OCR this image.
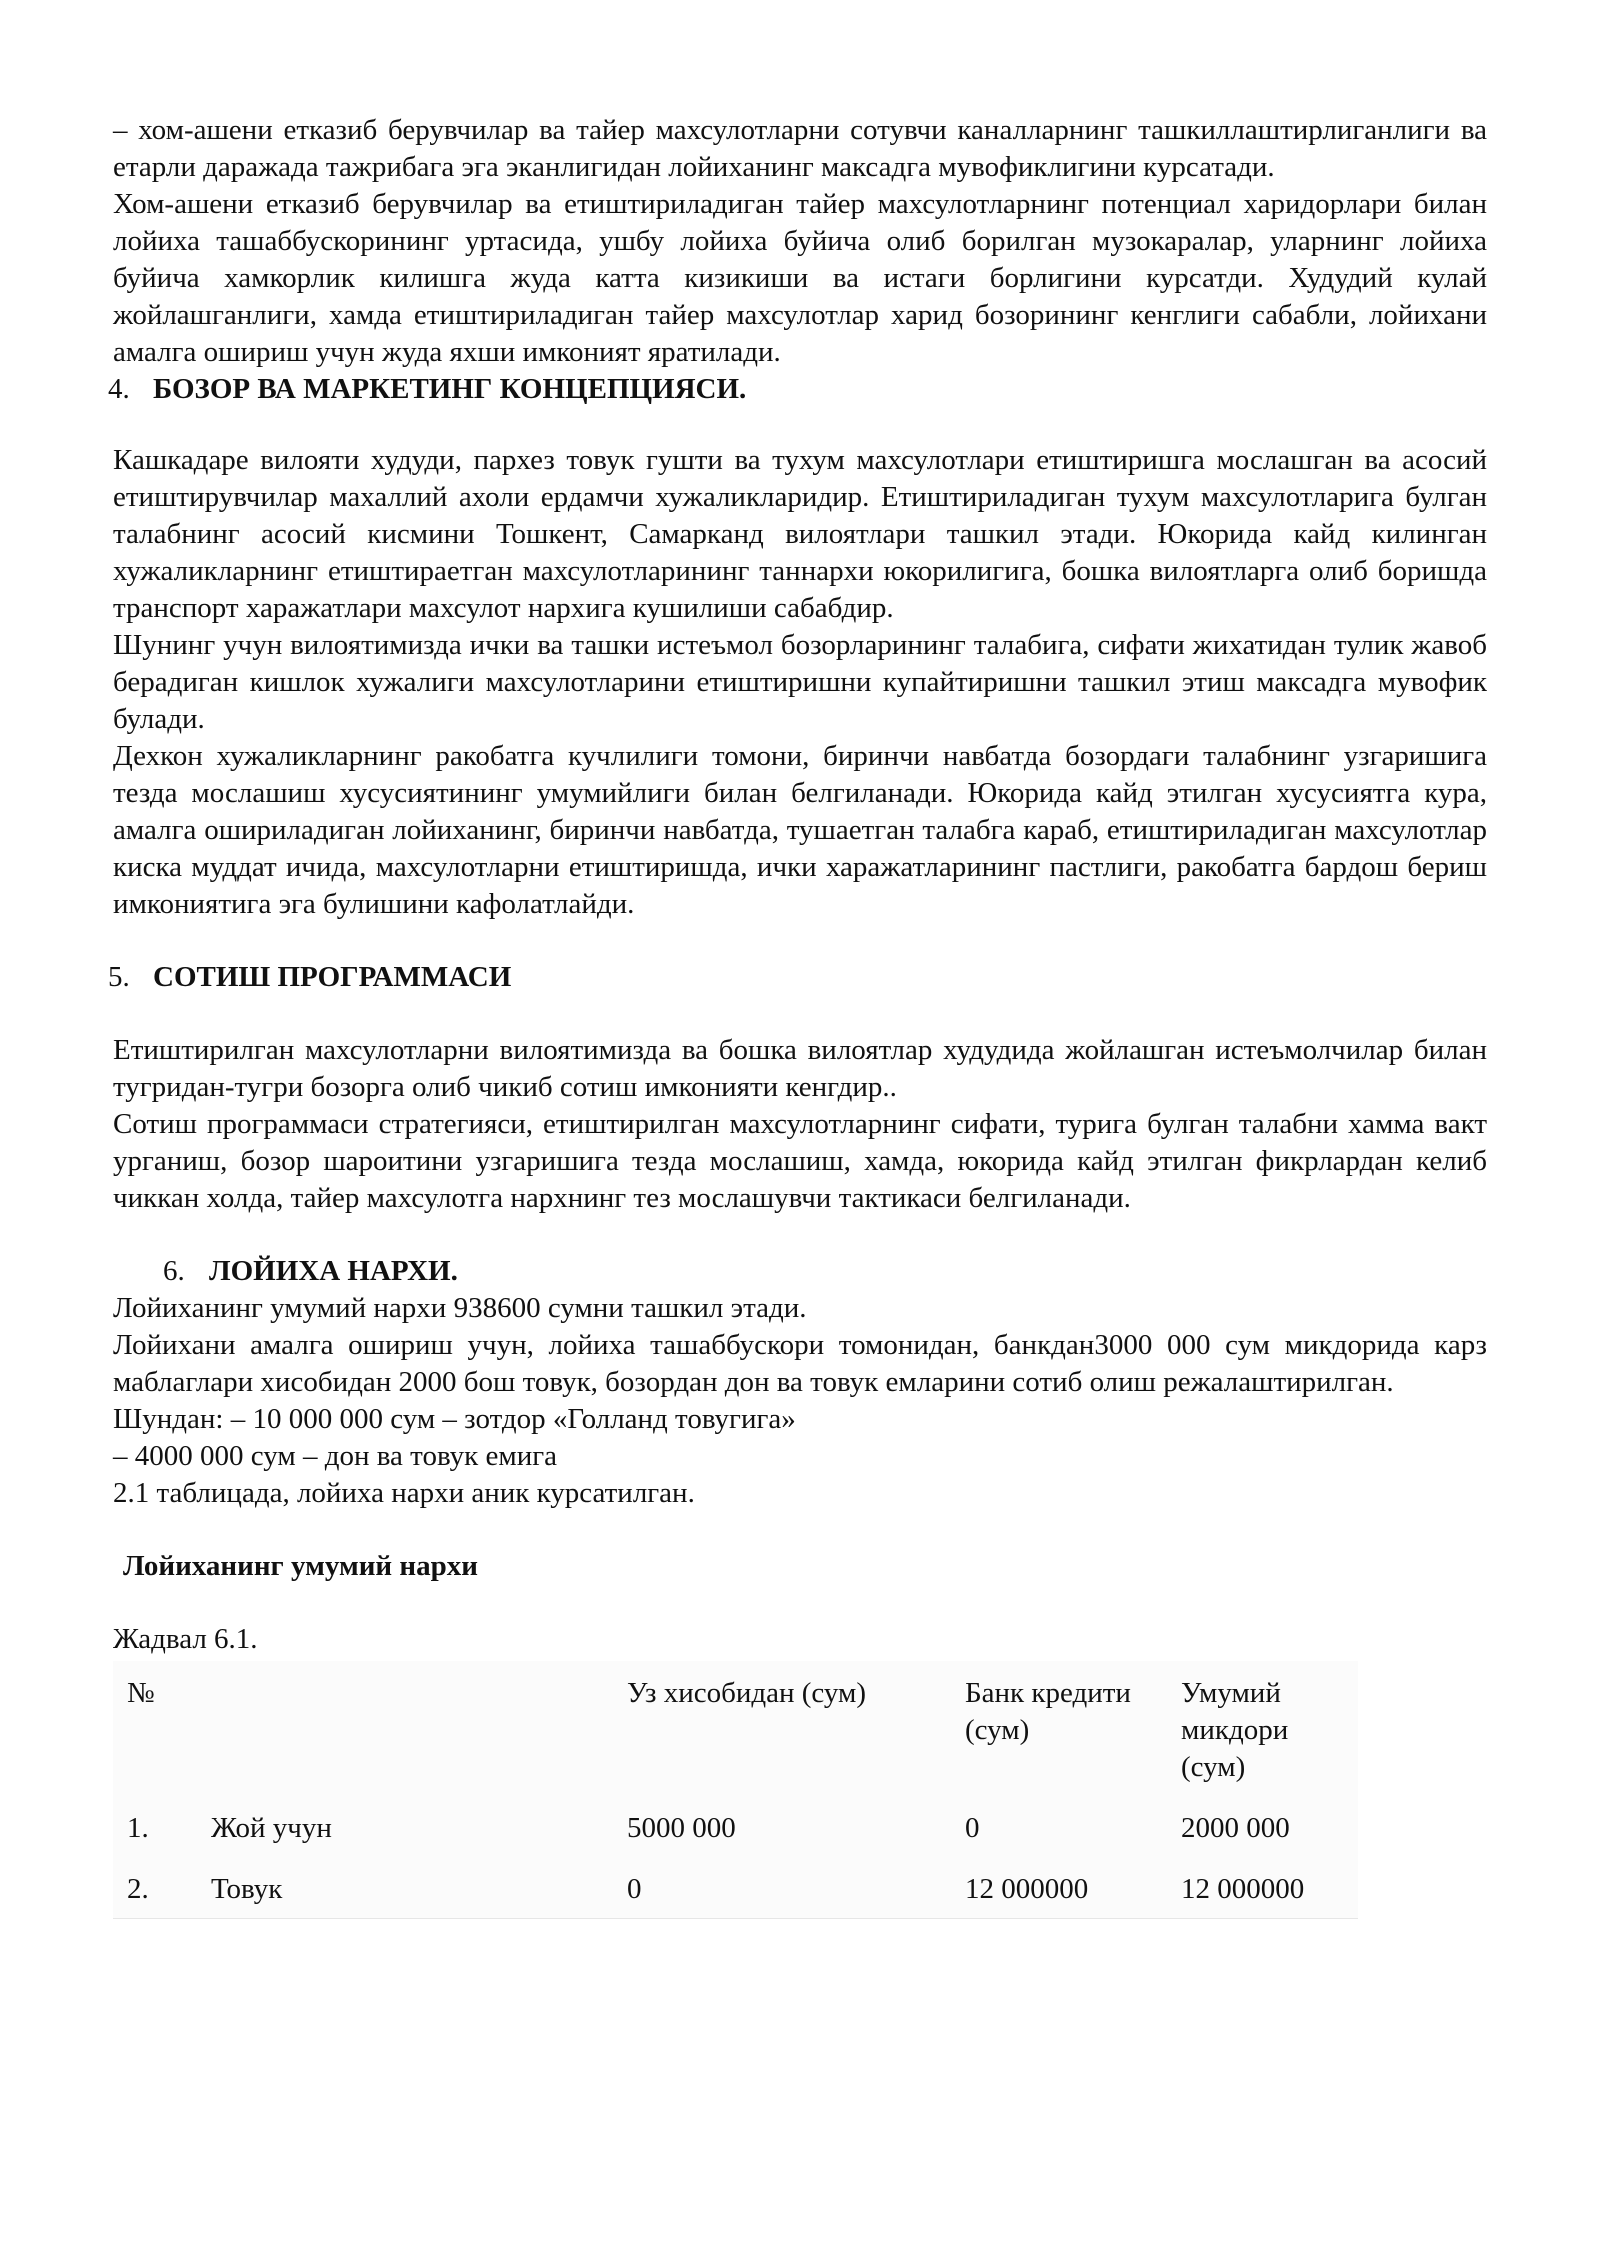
– хом-ашени етказиб берувчилар ва тайер махсулотларни сотувчи каналларнинг ташкиллаштирлиганлиги ва етарли даражада тажрибага эга эканлигидан лойиханинг максадга мувофиклигини курсатади.

Хом-ашени етказиб берувчилар ва етиштириладиган тайер махсулотларнинг потенциал харидорлари билан лойиха ташаббускорининг уртасида, ушбу лойиха буйича олиб борилган музокаралар, уларнинг лойиха буйича хамкорлик килишга жуда катта кизикиши ва истаги борлигини курсатди. Худудий кулай жойлашганлиги, хамда етиштириладиган тайер махсулотлар харид бозорининг кенглиги сабабли, лойихани амалга ошириш учун жуда яхши имконият яратилади.

4. БОЗОР ВА МАРКЕТИНГ КОНЦЕПЦИЯСИ.

Кашкадаре вилояти худуди, пархез товук гушти ва тухум махсулотлари етиштиришга мослашган ва асосий етиштирувчилар махаллий ахоли ердамчи хужаликларидир. Етиштириладиган тухум махсулотларига булган талабнинг асосий кисмини Тошкент, Самарканд вилоятлари ташкил этади. Юкорида кайд килинган хужаликларнинг етиштираетган махсулотларининг таннархи юкорилигига, бошка вилоятларга олиб боришда транспорт харажатлари махсулот нархига кушилиши сабабдир.

Шунинг учун вилоятимизда ички ва ташки истеъмол бозорларининг талабига, сифати жихатидан тулик жавоб берадиган кишлок хужалиги махсулотларини етиштиришни купайтиришни ташкил этиш максадга мувофик булади.

Дехкон хужаликларнинг ракобатга кучлилиги томони, биринчи навбатда бозордаги талабнинг узгаришига тезда мослашиш хусусиятининг умумийлиги билан белгиланади. Юкорида кайд этилган хусусиятга кура, амалга ошириладиган лойиханинг, биринчи навбатда, тушаетган талабга караб, етиштириладиган махсулотлар киска муддат ичида, махсулотларни етиштиришда, ички харажатларининг пастлиги, ракобатга бардош бериш имкониятига эга булишини кафолатлайди.

5. СОТИШ ПРОГРАММАСИ

Етиштирилган махсулотларни вилоятимизда ва бошка вилоятлар худудида жойлашган истеъмолчилар билан тугридан-тугри бозорга олиб чикиб сотиш имконияти кенгдир..

Сотиш программаси стратегияси, етиштирилган махсулотларнинг сифати, турига булган талабни хамма вакт урганиш, бозор шароитини узгаришига тезда мослашиш, хамда, юкорида кайд этилган фикрлардан келиб чиккан холда, тайер махсулотга нархнинг тез мослашувчи тактикаси белгиланади.

6. ЛОЙИХА НАРХИ.

Лойиханинг умумий нархи 938600 сумни ташкил этади.

Лойихани амалга ошириш учун, лойиха ташаббускори томонидан, банкдан3000 000 сум микдорида карз маблаглари хисобидан 2000 бош товук, бозордан дон ва товук емларини сотиб олиш режалаштирилган.

Шундан: – 10 000 000 сум – зотдор «Голланд товугига»

– 4000 000 сум – дон ва товук емига

2.1 таблицада, лойиха нархи аник курсатилган.

Лойиханинг умумий нархи
Жадвал 6.1.
№		Уз хисобидан (сум)	Банк кредити (сум)	Умумий микдори (сум)
1.	Жой учун	5000 000	0	2000 000
2.	Товук	0	12 000000	12 000000
